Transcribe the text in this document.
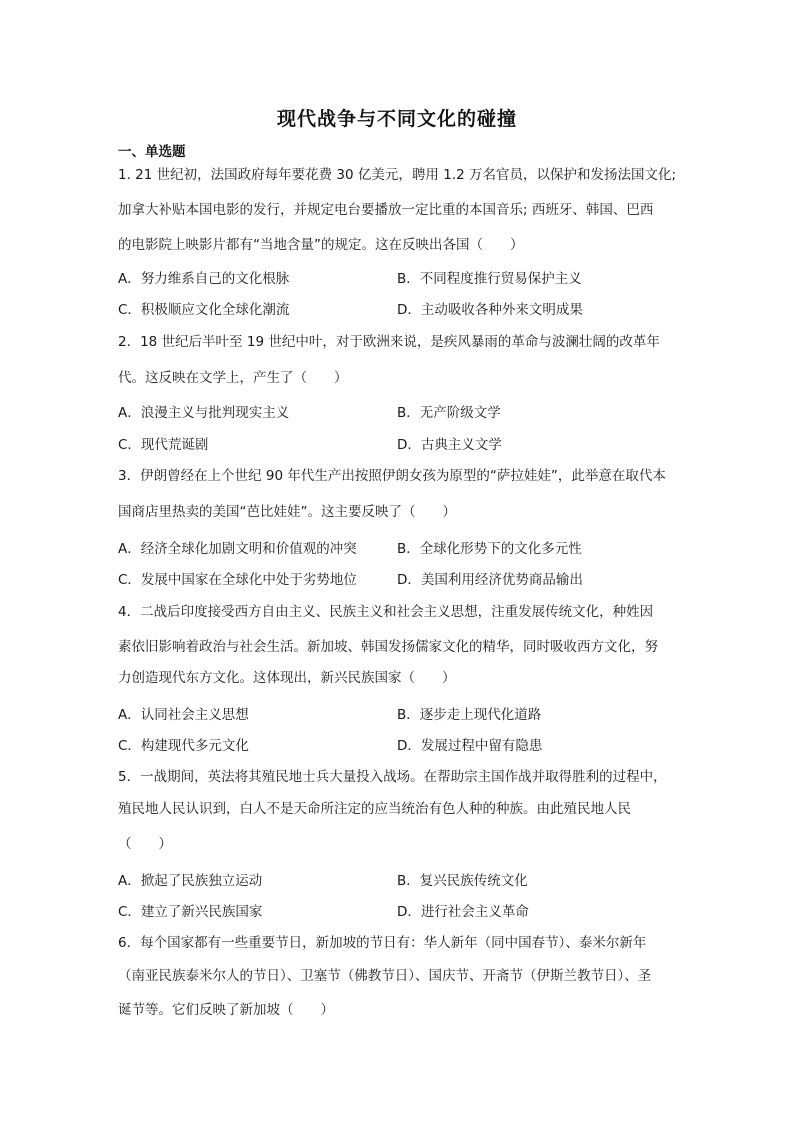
现代战争与不同文化的碰撞
一、单选题
1. 21 世纪初，法国政府每年要花费 30 亿美元，聘用 1.2 万名官员，以保护和发扬法国文化;
加拿大补贴本国电影的发行，并规定电台要播放一定比重的本国音乐; 西班牙、韩国、巴西
的电影院上映影片都有“当地含量”的规定。这在反映出各国（　　）
A．努力维系自己的文化根脉	B．不同程度推行贸易保护主义
C．积极顺应文化全球化潮流	D．主动吸收各种外来文明成果
2．18 世纪后半叶至 19 世纪中叶，对于欧洲来说，是疾风暴雨的革命与波澜壮阔的改革年
代。这反映在文学上，产生了（　　）
A．浪漫主义与批判现实主义	B．无产阶级文学
C．现代荒诞剧	D．古典主义文学
3．伊朗曾经在上个世纪 90 年代生产出按照伊朗女孩为原型的“萨拉娃娃”，此举意在取代本
国商店里热卖的美国“芭比娃娃”。这主要反映了（　　）
A．经济全球化加剧文明和价值观的冲突	B．全球化形势下的文化多元性
C．发展中国家在全球化中处于劣势地位	D．美国利用经济优势商品输出
4．二战后印度接受西方自由主义、民族主义和社会主义思想，注重发展传统文化，种姓因
素依旧影响着政治与社会生活。新加坡、韩国发扬儒家文化的精华，同时吸收西方文化，努
力创造现代东方文化。这体现出，新兴民族国家（　　）
A．认同社会主义思想	B．逐步走上现代化道路
C．构建现代多元文化	D．发展过程中留有隐患
5．一战期间，英法将其殖民地士兵大量投入战场。在帮助宗主国作战并取得胜利的过程中，
殖民地人民认识到，白人不是天命所注定的应当统治有色人种的种族。由此殖民地人民
（　　）
A．掀起了民族独立运动	B．复兴民族传统文化
C．建立了新兴民族国家	D．进行社会主义革命
6．每个国家都有一些重要节日，新加坡的节日有：华人新年（同中国春节）、泰米尔新年
（南亚民族泰米尔人的节日）、卫塞节（佛教节日）、国庆节、开斋节（伊斯兰教节日）、圣
诞节等。它们反映了新加坡（　　）
